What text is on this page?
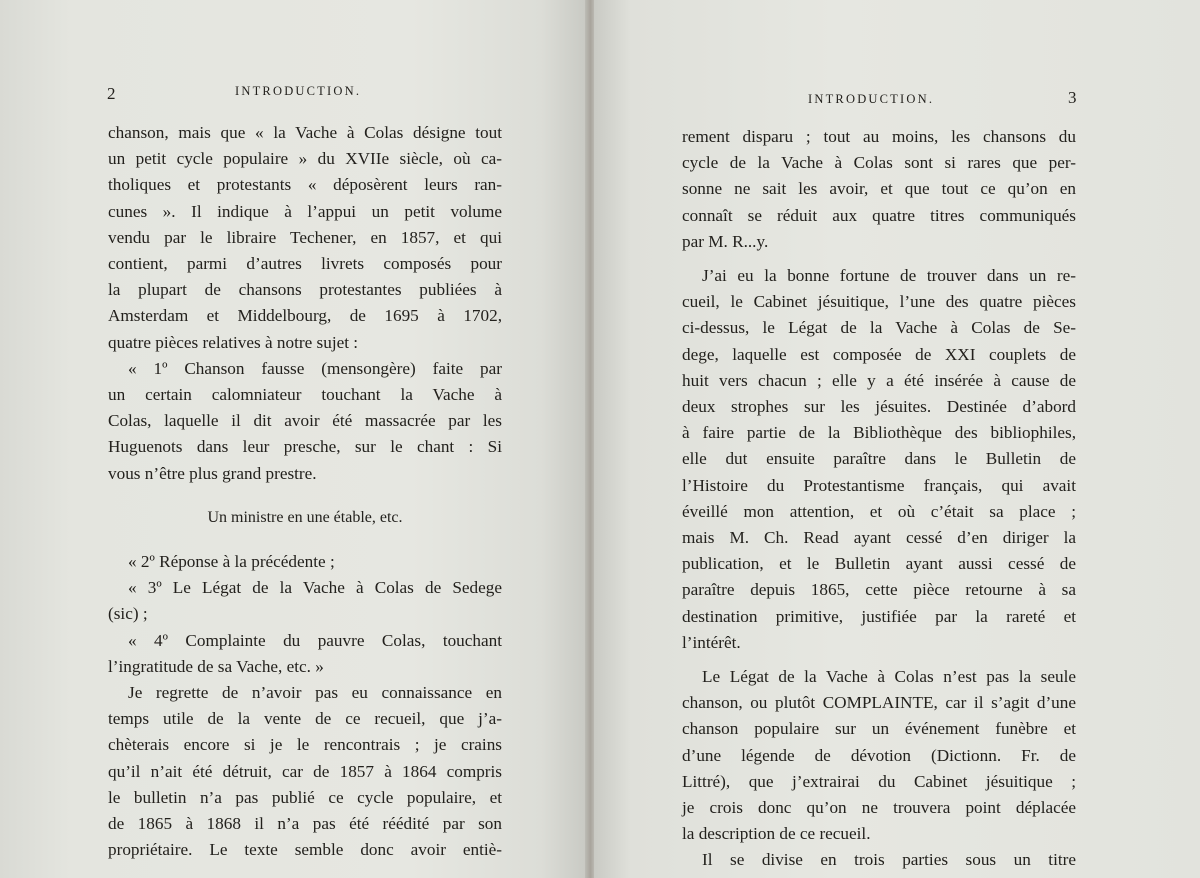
2	INTRODUCTION.
chanson, mais que « la Vache à Colas désigne tout
un petit cycle populaire » du XVIIe siècle, où ca-
tholiques et protestants « déposèrent leurs ran-
cunes ». Il indique à l’appui un petit volume
vendu par le libraire Techener, en 1857, et qui
contient, parmi d’autres livrets composés pour
la plupart de chansons protestantes publiées à
Amsterdam et Middelbourg, de 1695 à 1702,
quatre pièces relatives à notre sujet :
« 1º Chanson fausse (mensongère) faite par
un certain calomniateur touchant la Vache à
Colas, laquelle il dit avoir été massacrée par les
Huguenots dans leur presche, sur le chant : Si
vous n’être plus grand prestre.
Un ministre en une étable, etc.
« 2º Réponse à la précédente ;
« 3º Le Légat de la Vache à Colas de Sedege
(sic) ;
« 4º Complainte du pauvre Colas, touchant
l’ingratitude de sa Vache, etc. »
Je regrette de n’avoir pas eu connaissance en
temps utile de la vente de ce recueil, que j’a-
chèterais encore si je le rencontrais ; je crains
qu’il n’ait été détruit, car de 1857 à 1864 compris
le bulletin n’a pas publié ce cycle populaire, et
de 1865 à 1868 il n’a pas été réédité par son
propriétaire. Le texte semble donc avoir entiè-
INTRODUCTION.	3
rement disparu ; tout au moins, les chansons du
cycle de la Vache à Colas sont si rares que per-
sonne ne sait les avoir, et que tout ce qu’on en
connaît se réduit aux quatre titres communiqués
par M. R...y.
J’ai eu la bonne fortune de trouver dans un re-
cueil, le Cabinet jésuitique, l’une des quatre pièces
ci-dessus, le Légat de la Vache à Colas de Se-
dege, laquelle est composée de XXI couplets de
huit vers chacun ; elle y a été insérée à cause de
deux strophes sur les jésuites. Destinée d’abord
à faire partie de la Bibliothèque des bibliophiles,
elle dut ensuite paraître dans le Bulletin de
l’Histoire du Protestantisme français, qui avait
éveillé mon attention, et où c’était sa place ;
mais M. Ch. Read ayant cessé d’en diriger la
publication, et le Bulletin ayant aussi cessé de
paraître depuis 1865, cette pièce retourne à sa
destination primitive, justifiée par la rareté et
l’intérêt.
Le Légat de la Vache à Colas n’est pas la seule
chanson, ou plutôt COMPLAINTE, car il s’agit d’une
chanson populaire sur un événement funèbre et
d’une légende de dévotion (Dictionn. Fr. de
Littré), que j’extrairai du Cabinet jésuitique ;
je crois donc qu’on ne trouvera point déplacée
la description de ce recueil.
Il se divise en trois parties sous un titre
